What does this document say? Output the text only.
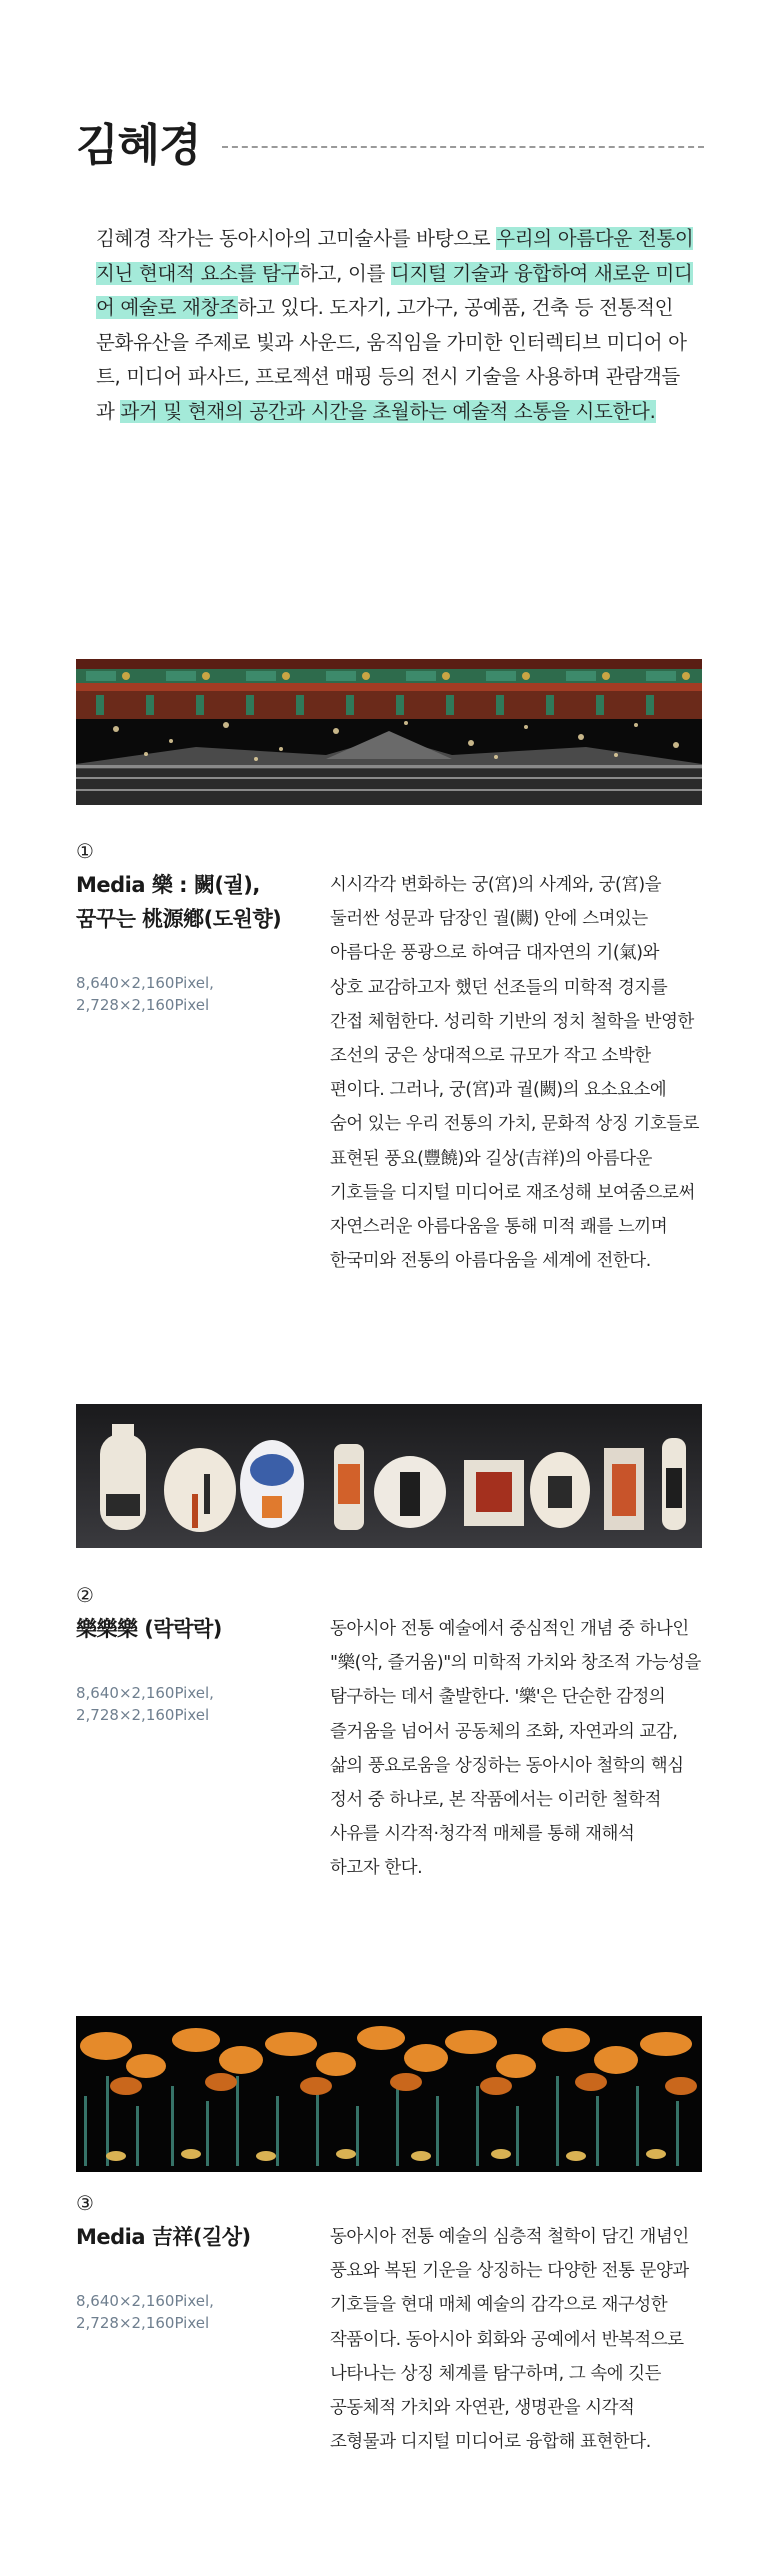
김혜경
김혜경 작가는 동아시아의 고미술사를 바탕으로 우리의 아름다운 전통이 지닌 현대적 요소를 탐구하고, 이를 디지털 기술과 융합하여 새로운 미디어 예술로 재창조하고 있다. 도자기, 고가구, 공예품, 건축 등 전통적인 문화유산을 주제로 빛과 사운드, 움직임을 가미한 인터렉티브 미디어 아트, 미디어 파사드, 프로젝션 매핑 등의 전시 기술을 사용하며 관람객들과 과거 및 현재의 공간과 시간을 초월하는 예술적 소통을 시도한다.
①
Media 樂 : 闕(궐),
꿈꾸는 桃源鄕(도원향)
8,640×2,160Pixel,
2,728×2,160Pixel
시시각각 변화하는 궁(宮)의 사계와, 궁(宮)을
둘러싼 성문과 담장인 궐(闕) 안에 스며있는
아름다운 풍광으로 하여금 대자연의 기(氣)와
상호 교감하고자 했던 선조들의 미학적 경지를
간접 체험한다. 성리학 기반의 정치 철학을 반영한
조선의 궁은 상대적으로 규모가 작고 소박한
편이다. 그러나, 궁(宮)과 궐(闕)의 요소요소에
숨어 있는 우리 전통의 가치, 문화적 상징 기호들로
표현된 풍요(豐饒)와 길상(吉祥)의 아름다운
기호들을 디지털 미디어로 재조성해 보여줌으로써
자연스러운 아름다움을 통해 미적 쾌를 느끼며
한국미와 전통의 아름다움을 세계에 전한다.
②
樂樂樂 (락락락)
8,640×2,160Pixel,
2,728×2,160Pixel
동아시아 전통 예술에서 중심적인 개념 중 하나인
"樂(악, 즐거움)"의 미학적 가치와 창조적 가능성을
탐구하는 데서 출발한다. '樂'은 단순한 감정의
즐거움을 넘어서 공동체의 조화, 자연과의 교감,
삶의 풍요로움을 상징하는 동아시아 철학의 핵심
정서 중 하나로, 본 작품에서는 이러한 철학적
사유를 시각적·청각적 매체를 통해 재해석
하고자 한다.
③
Media 吉祥(길상)
8,640×2,160Pixel,
2,728×2,160Pixel
동아시아 전통 예술의 심층적 철학이 담긴 개념인
풍요와 복된 기운을 상징하는 다양한 전통 문양과
기호들을 현대 매체 예술의 감각으로 재구성한
작품이다. 동아시아 회화와 공예에서 반복적으로
나타나는 상징 체계를 탐구하며, 그 속에 깃든
공동체적 가치와 자연관, 생명관을 시각적
조형물과 디지털 미디어로 융합해 표현한다.
